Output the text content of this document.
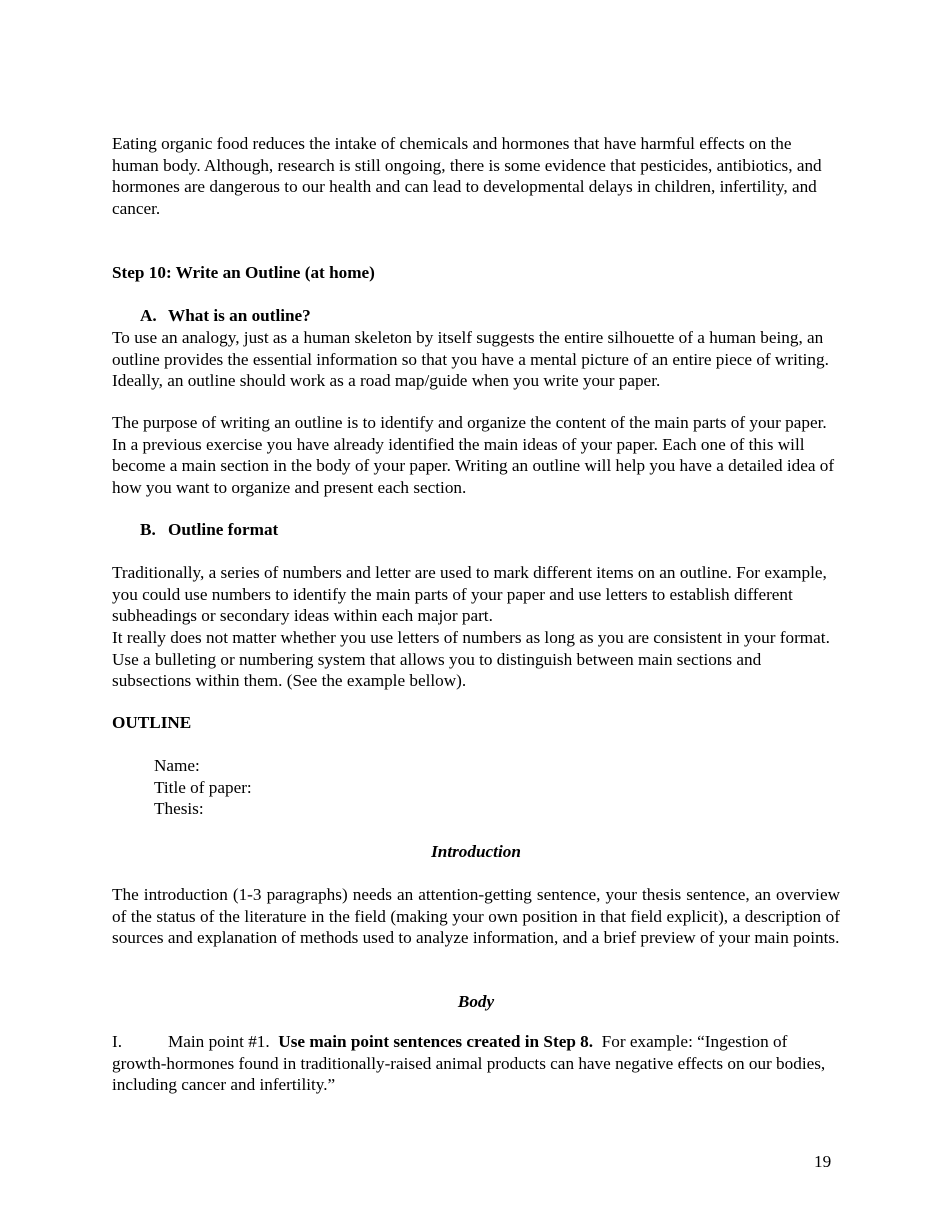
Eating organic food reduces the intake of chemicals and hormones that have harmful effects on the human body. Although, research is still ongoing, there is some evidence that pesticides, antibiotics, and hormones are dangerous to our health and can lead to developmental delays in children, infertility, and cancer.

Step 10: Write an Outline (at home)

A. What is an outline?

To use an analogy, just as a human skeleton by itself suggests the entire silhouette of a human being, an outline provides the essential information so that you have a mental picture of an entire piece of writing. Ideally, an outline should work as a road map/guide when you write your paper.

The purpose of writing an outline is to identify and organize the content of the main parts of your paper. In a previous exercise you have already identified the main ideas of your paper. Each one of this will become a main section in the body of your paper. Writing an outline will help you have a detailed idea of how you want to organize and present each section.

B. Outline format

Traditionally, a series of numbers and letter are used to mark different items on an outline. For example, you could use numbers to identify the main parts of your paper and use letters to establish different subheadings or secondary ideas within each major part.

It really does not matter whether you use letters of numbers as long as you are consistent in your format. Use a bulleting or numbering system that allows you to distinguish between main sections and subsections within them. (See the example bellow).

OUTLINE

Name:

Title of paper:

Thesis:

Introduction

The introduction (1-3 paragraphs) needs an attention-getting sentence, your thesis sentence, an overview of the status of the literature in the field (making your own position in that field explicit), a description of sources and explanation of methods used to analyze information, and a brief preview of your main points.

Body

I.	Main point #1. Use main point sentences created in Step 8. For example: “Ingestion of growth-hormones found in traditionally-raised animal products can have negative effects on our bodies, including cancer and infertility.”

19
